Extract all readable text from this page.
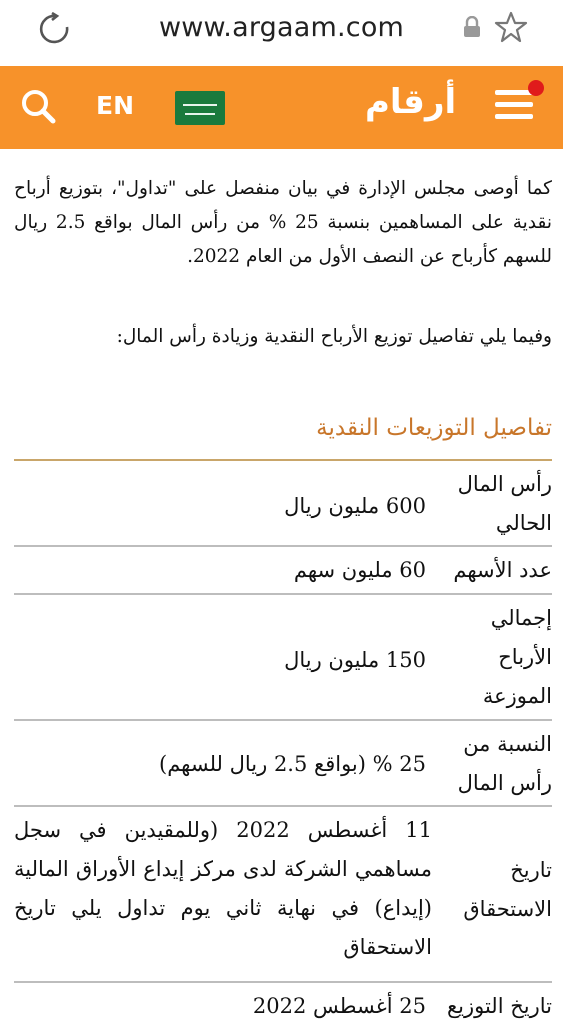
www.argaam.com
EN	أرقام

كما أوصى مجلس الإدارة في بيان منفصل على "تداول"، بتوزيع أرباح نقدية على المساهمين بنسبة 25 % من رأس المال بواقع 2.5 ريال للسهم كأرباح عن النصف الأول من العام 2022.

وفيما يلي تفاصيل توزيع الأرباح النقدية وزيادة رأس المال:

تفاصيل التوزيعات النقدية
رأس المال الحالي
600 مليون ريال
عدد الأسهم
60 مليون سهم
إجمالي الأرباح الموزعة
150 مليون ريال
النسبة من رأس المال
25 % (بواقع 2.5 ريال للسهم)
تاريخ الاستحقاق
11 أغسطس 2022 (وللمقيدين في سجل مساهمي الشركة لدى مركز إيداع الأوراق المالية (إيداع) في نهاية ثاني يوم تداول يلي تاريخ الاستحقاق
تاريخ التوزيع
25 أغسطس 2022
